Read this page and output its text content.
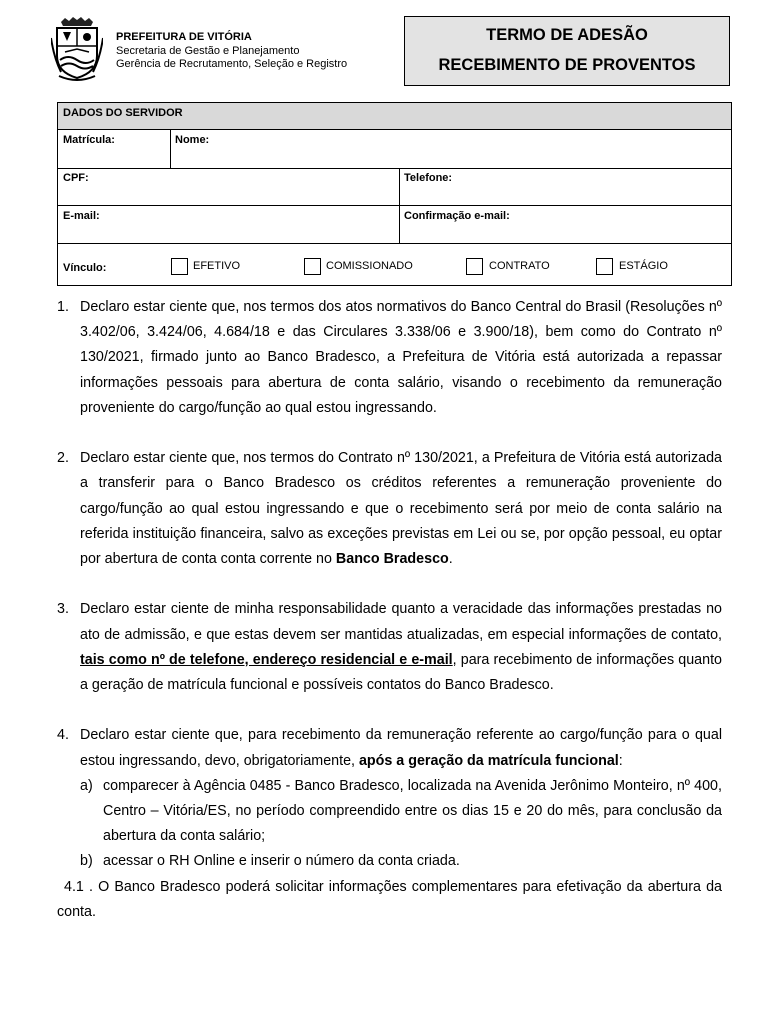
PREFEITURA DE VITÓRIA
Secretaria de Gestão e Planejamento
Gerência de Recrutamento, Seleção e Registro
TERMO DE ADESÃO
RECEBIMENTO DE PROVENTOS
DADOS DO SERVIDOR
Matrícula:	Nome:
CPF:	Telefone:
E-mail:	Confirmação e-mail:
Vínculo:	EFETIVO	COMISSIONADO	CONTRATO	ESTÁGIO
1. Declaro estar ciente que, nos termos dos atos normativos do Banco Central do Brasil (Resoluções nº 3.402/06, 3.424/06, 4.684/18 e das Circulares 3.338/06 e 3.900/18), bem como do Contrato nº 130/2021, firmado junto ao Banco Bradesco, a Prefeitura de Vitória está autorizada a repassar informações pessoais para abertura de conta salário, visando o recebimento da remuneração proveniente do cargo/função ao qual estou ingressando.
2. Declaro estar ciente que, nos termos do Contrato nº 130/2021, a Prefeitura de Vitória está autorizada a transferir para o Banco Bradesco os créditos referentes a remuneração proveniente do cargo/função ao qual estou ingressando e que o recebimento será por meio de conta salário na referida instituição financeira, salvo as exceções previstas em Lei ou se, por opção pessoal, eu optar por abertura de conta conta corrente no Banco Bradesco.
3. Declaro estar ciente de minha responsabilidade quanto a veracidade das informações prestadas no ato de admissão, e que estas devem ser mantidas atualizadas, em especial informações de contato, tais como nº de telefone, endereço residencial e e-mail, para recebimento de informações quanto a geração de matrícula funcional e possíveis contatos do Banco Bradesco.
4. Declaro estar ciente que, para recebimento da remuneração referente ao cargo/função para o qual estou ingressando, devo, obrigatoriamente, após a geração da matrícula funcional:
a) comparecer à Agência 0485 - Banco Bradesco, localizada na Avenida Jerônimo Monteiro, nº 400, Centro – Vitória/ES, no período compreendido entre os dias 15 e 20 do mês, para conclusão da abertura da conta salário;
b) acessar o RH Online e inserir o número da conta criada.
4.1 . O Banco Bradesco poderá solicitar informações complementares para efetivação da abertura da conta.
